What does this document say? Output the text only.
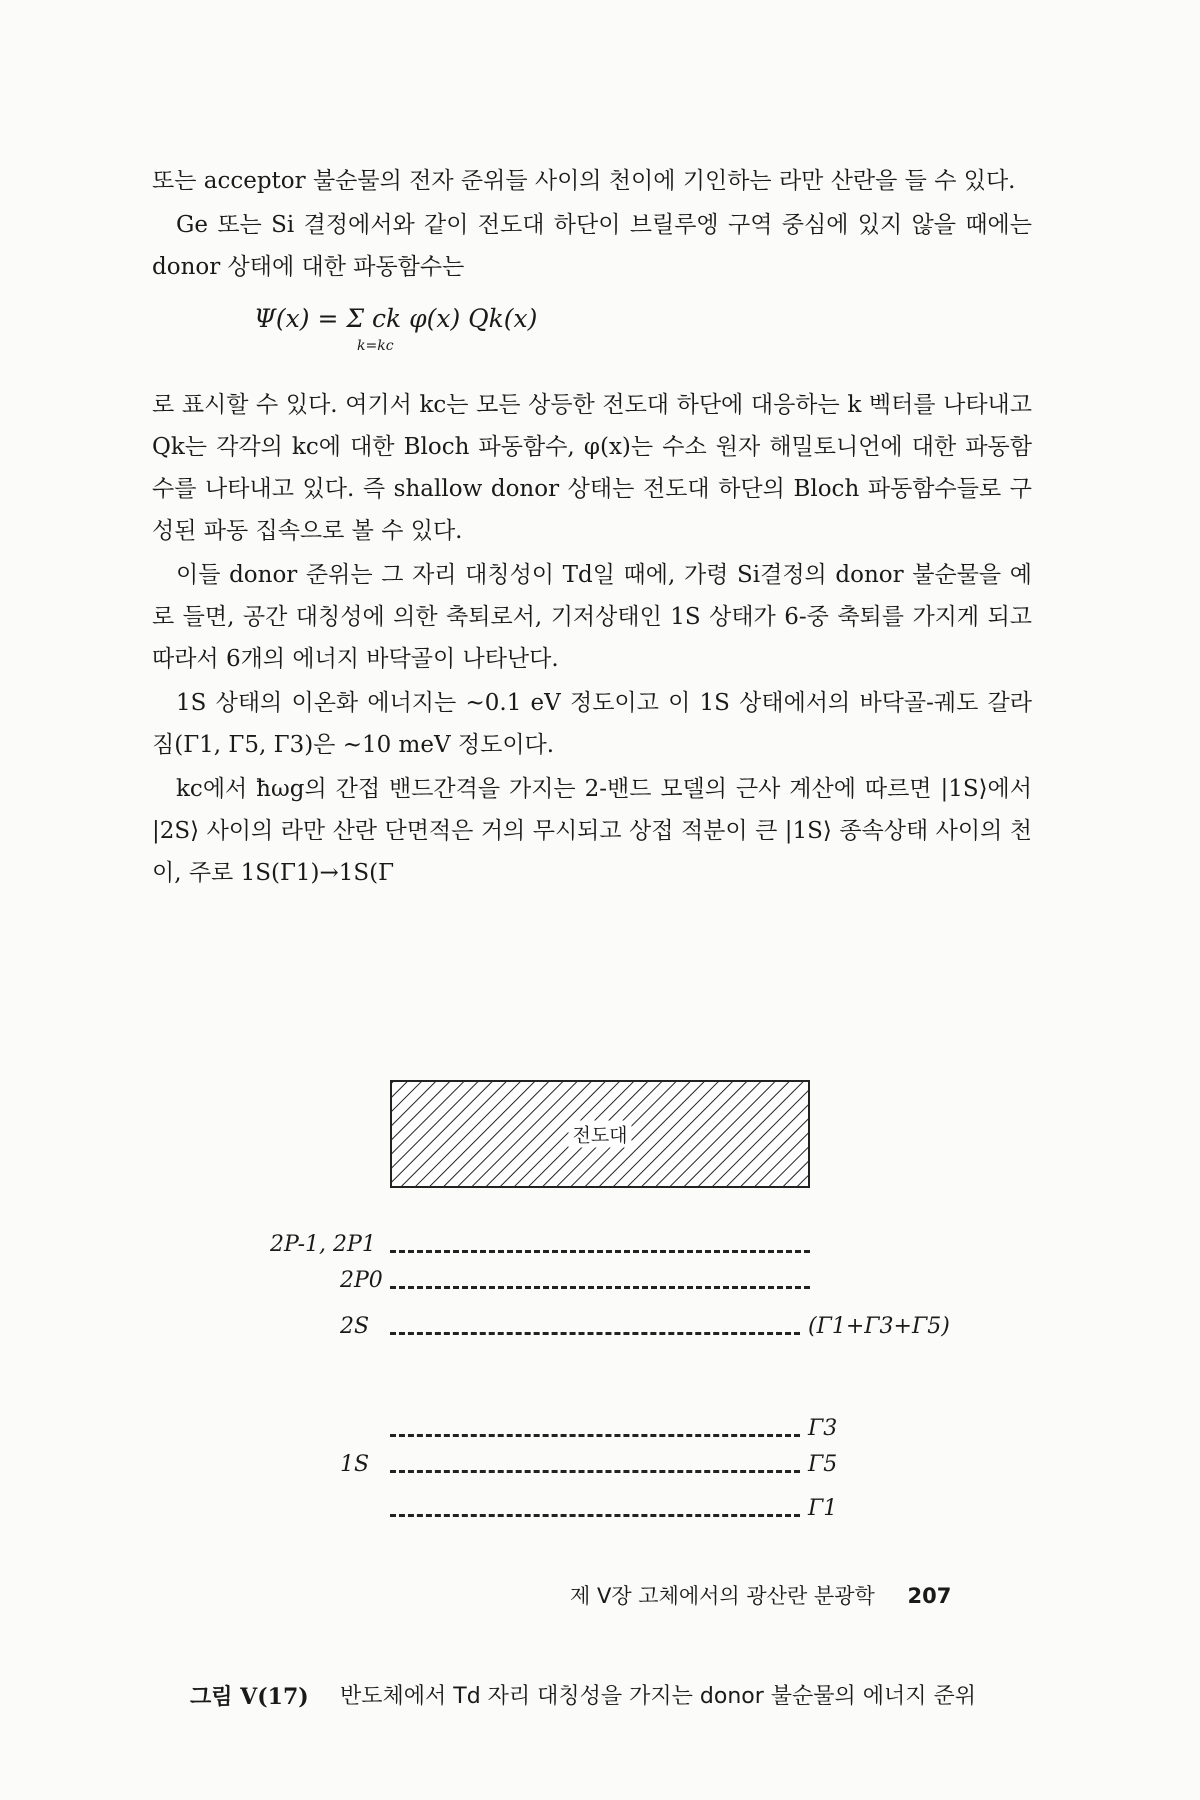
또는 acceptor 불순물의 전자 준위들 사이의 천이에 기인하는 라만 산란을 들 수 있다.

Ge 또는 Si 결정에서와 같이 전도대 하단이 브릴루엥 구역 중심에 있지 않을 때에는 donor 상태에 대한 파동함수는

Ψ(x) = Σ ck φ(x) Qk(x)
k=kc

로 표시할 수 있다. 여기서 kc는 모든 상등한 전도대 하단에 대응하는 k 벡터를 나타내고 Qk는 각각의 kc에 대한 Bloch 파동함수, φ(x)는 수소 원자 해밀토니언에 대한 파동함수를 나타내고 있다. 즉 shallow donor 상태는 전도대 하단의 Bloch 파동함수들로 구성된 파동 집속으로 볼 수 있다.

이들 donor 준위는 그 자리 대칭성이 Td일 때에, 가령 Si결정의 donor 불순물을 예로 들면, 공간 대칭성에 의한 축퇴로서, 기저상태인 1S 상태가 6-중 축퇴를 가지게 되고 따라서 6개의 에너지 바닥골이 나타난다.

1S 상태의 이온화 에너지는 ~0.1 eV 정도이고 이 1S 상태에서의 바닥골-궤도 갈라짐(Γ1, Γ5, Γ3)은 ~10 meV 정도이다.

kc에서 ħωg의 간접 밴드간격을 가지는 2-밴드 모델의 근사 계산에 따르면 |1S⟩에서 |2S⟩ 사이의 라만 산란 단면적은 거의 무시되고 상접 적분이 큰 |1S⟩ 종속상태 사이의 천이, 주로 1S(Γ1)→1S(Γ

전도대
2P-1, 2P1
2P0
2S	(Γ1+Γ3+Γ5)
Γ3
1S	Γ5
Γ1
제 V장 고체에서의 광산란 분광학 207
그림 V(17) 반도체에서 Td 자리 대칭성을 가지는 donor 불순물의 에너지 준위
